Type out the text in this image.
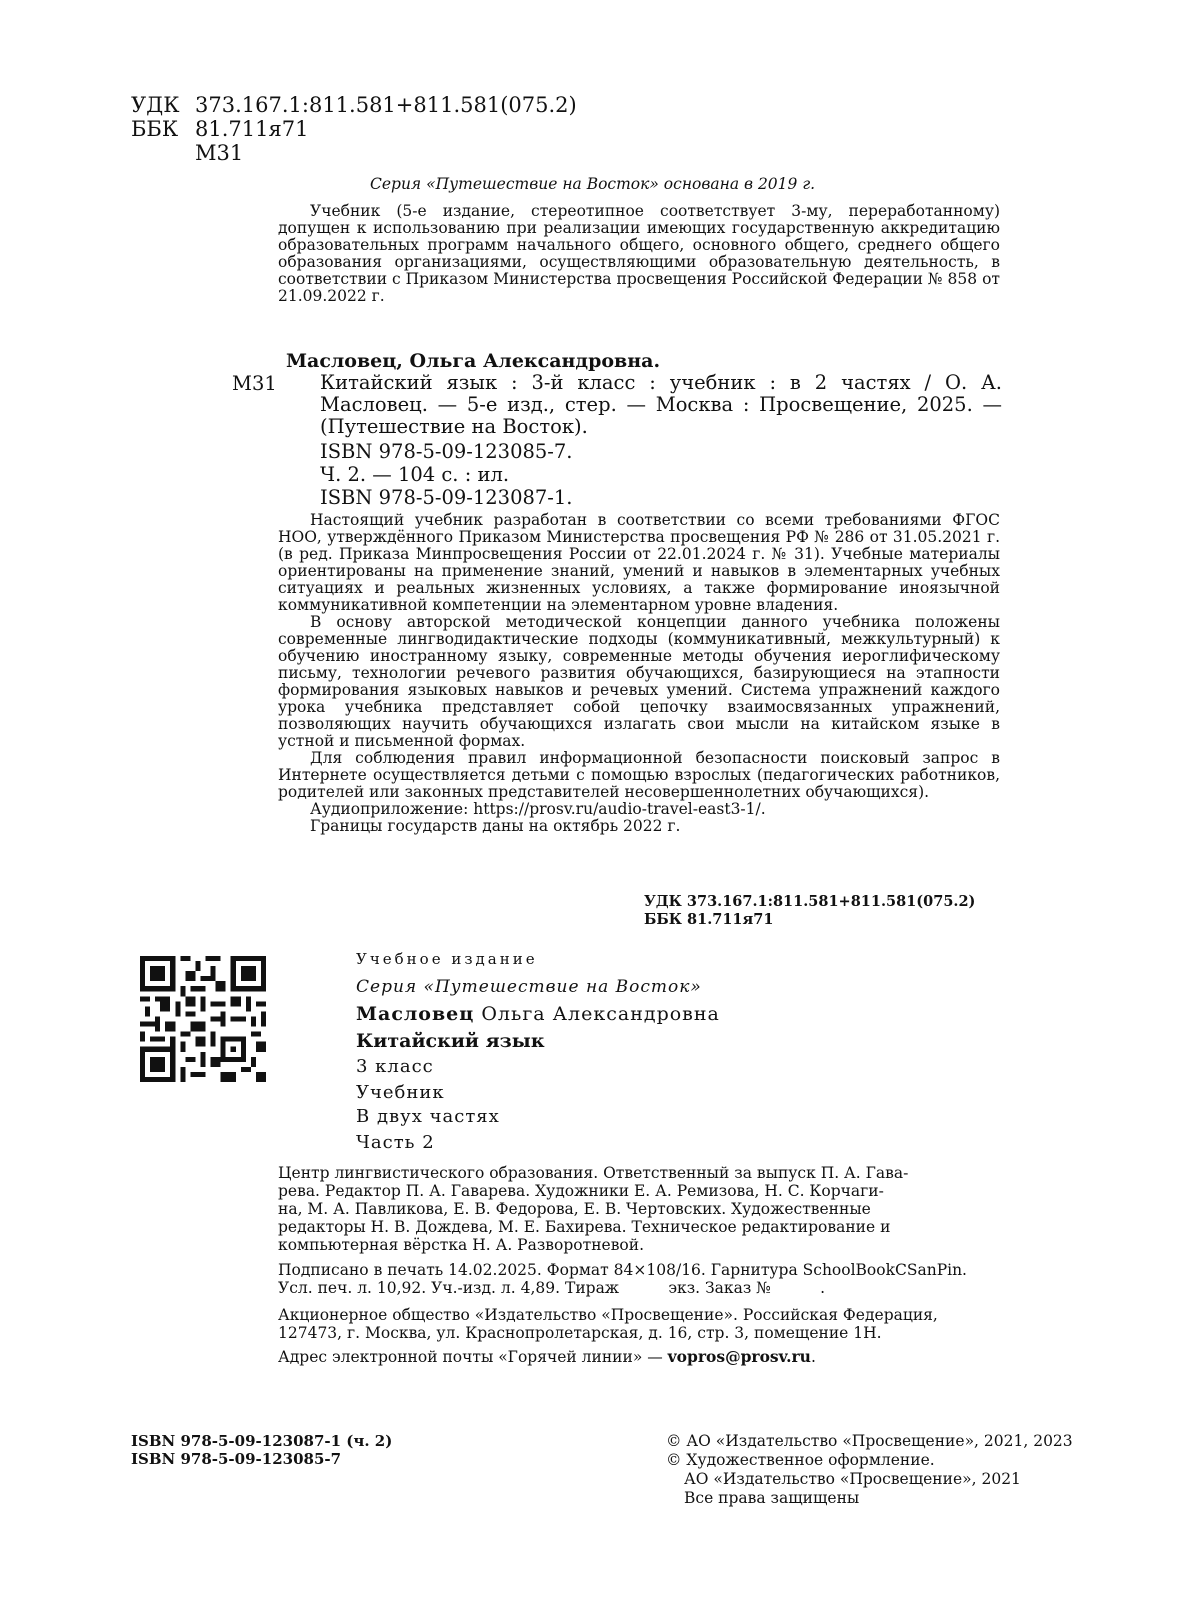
УДК 373.167.1:811.581+811.581(075.2)
ББК 81.711я71
М31
Серия «Путешествие на Восток» основана в 2019 г.

Учебник (5-е издание, стереотипное соответствует 3-му, переработанному) допущен к использованию при реализации имеющих государственную аккредитацию образовательных программ начального общего, основного общего, среднего общего образования организациями, осуществляющими образовательную деятельность, в соответствии с Приказом Министерства просвещения Российской Федерации № 858 от 21.09.2022 г.

Масловец, Ольга Александровна.
М31 Китайский язык : 3-й класс : учебник : в 2 частях / О. А. Масловец. — 5-е изд., стер. — Москва : Просвещение, 2025. — (Путешествие на Восток).
ISBN 978-5-09-123085-7.
Ч. 2. — 104 с. : ил.
ISBN 978-5-09-123087-1.

Настоящий учебник разработан в соответствии со всеми требованиями ФГОС НОО, утверждённого Приказом Министерства просвещения РФ № 286 от 31.05.2021 г. (в ред. Приказа Минпросвещения России от 22.01.2024 г. № 31). Учебные материалы ориентированы на применение знаний, умений и навыков в элементарных учебных ситуациях и реальных жизненных условиях, а также формирование иноязычной коммуникативной компетенции на элементарном уровне владения.

В основу авторской методической концепции данного учебника положены современные лингводидактические подходы (коммуникативный, межкультурный) к обучению иностранному языку, современные методы обучения иероглифическому письму, технологии речевого развития обучающихся, базирующиеся на этапности формирования языковых навыков и речевых умений. Система упражнений каждого урока учебника представляет собой цепочку взаимосвязанных упражнений, позволяющих научить обучающихся излагать свои мысли на китайском языке в устной и письменной формах.

Для соблюдения правил информационной безопасности поисковый запрос в Интернете осуществляется детьми с помощью взрослых (педагогических работников, родителей или законных представителей несовершеннолетних обучающихся).

Аудиоприложение: https://prosv.ru/audio-travel-east3-1/.

Границы государств даны на октябрь 2022 г.

УДК 373.167.1:811.581+811.581(075.2)
ББК 81.711я71
Учебное издание
Серия «Путешествие на Восток»
Масловец Ольга Александровна
Китайский язык
3 класс
Учебник
В двух частях
Часть 2
Центр лингвистического образования. Ответственный за выпуск П. А. Гава-
рева. Редактор П. А. Гаварева. Художники Е. А. Ремизова, Н. С. Корчаги-
на, М. А. Павликова, Е. В. Федорова, Е. В. Чертовских. Художественные
редакторы Н. В. Дождева, М. Е. Бахирева. Техническое редактирование и
компьютерная вёрстка Н. А. Разворотневой.
Подписано в печать 14.02.2025. Формат 84×108/16. Гарнитура SchoolBookCSanPin.
Усл. печ. л. 10,92. Уч.-изд. л. 4,89. Тираж          экз. Заказ №          .
Акционерное общество «Издательство «Просвещение». Российская Федерация,
127473, г. Москва, ул. Краснопролетарская, д. 16, стр. 3, помещение 1Н.
Адрес электронной почты «Горячей линии» — vopros@prosv.ru.
ISBN 978-5-09-123087-1 (ч. 2)
ISBN 978-5-09-123085-7
© АО «Издательство «Просвещение», 2021, 2023
© Художественное оформление.
АО «Издательство «Просвещение», 2021
Все права защищены
